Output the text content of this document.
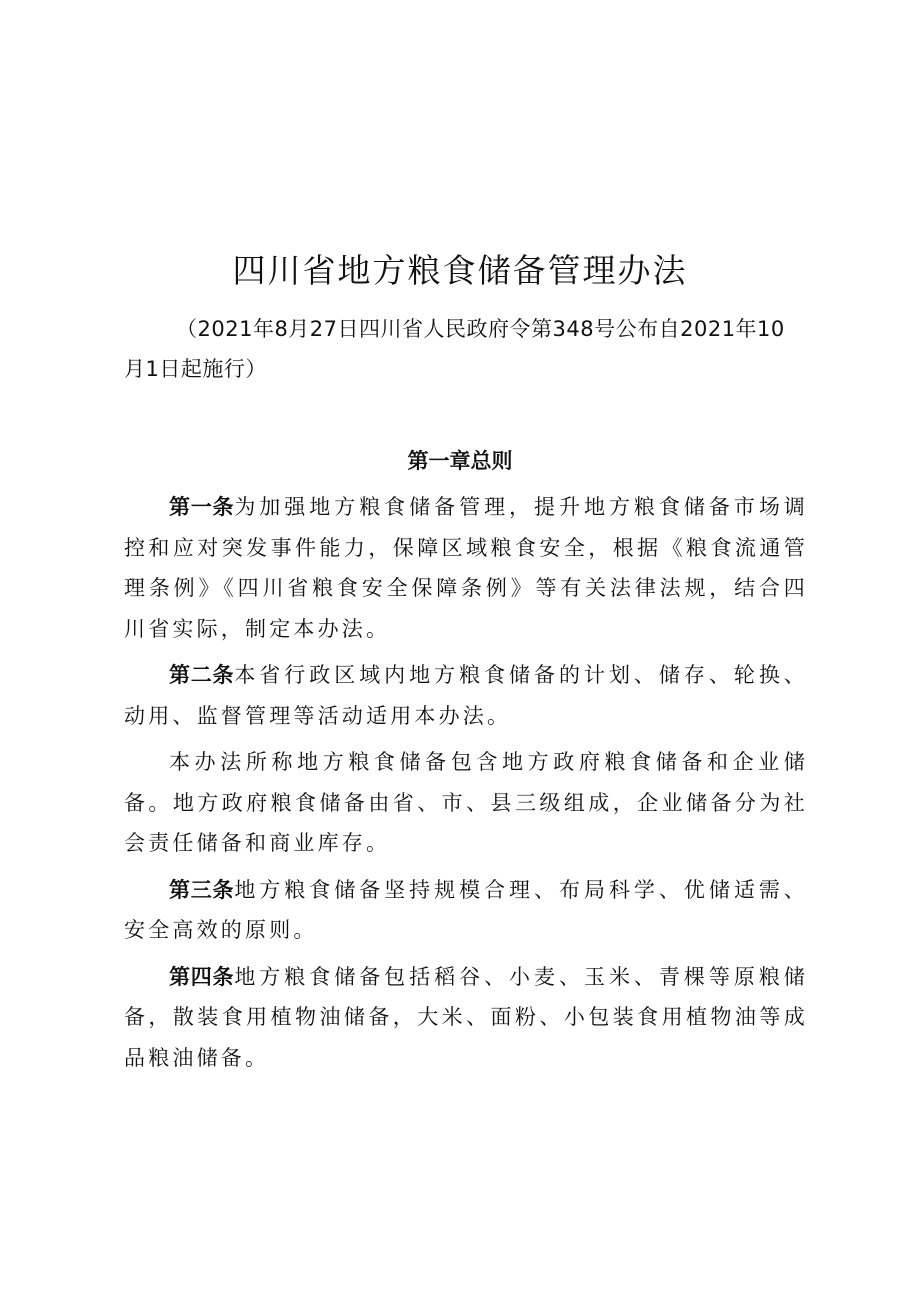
四川省地方粮食储备管理办法
（2021年8月27日四川省人民政府令第348号公布自2021年10月1日起施行）
第一章总则

第一条为加强地方粮食储备管理，提升地方粮食储备市场调控和应对突发事件能力，保障区域粮食安全，根据《粮食流通管理条例》《四川省粮食安全保障条例》等有关法律法规，结合四川省实际，制定本办法。

第二条本省行政区域内地方粮食储备的计划、储存、轮换、动用、监督管理等活动适用本办法。

本办法所称地方粮食储备包含地方政府粮食储备和企业储备。地方政府粮食储备由省、市、县三级组成，企业储备分为社会责任储备和商业库存。

第三条地方粮食储备坚持规模合理、布局科学、优储适需、安全高效的原则。

第四条地方粮食储备包括稻谷、小麦、玉米、青棵等原粮储备，散装食用植物油储备，大米、面粉、小包装食用植物油等成品粮油储备。
